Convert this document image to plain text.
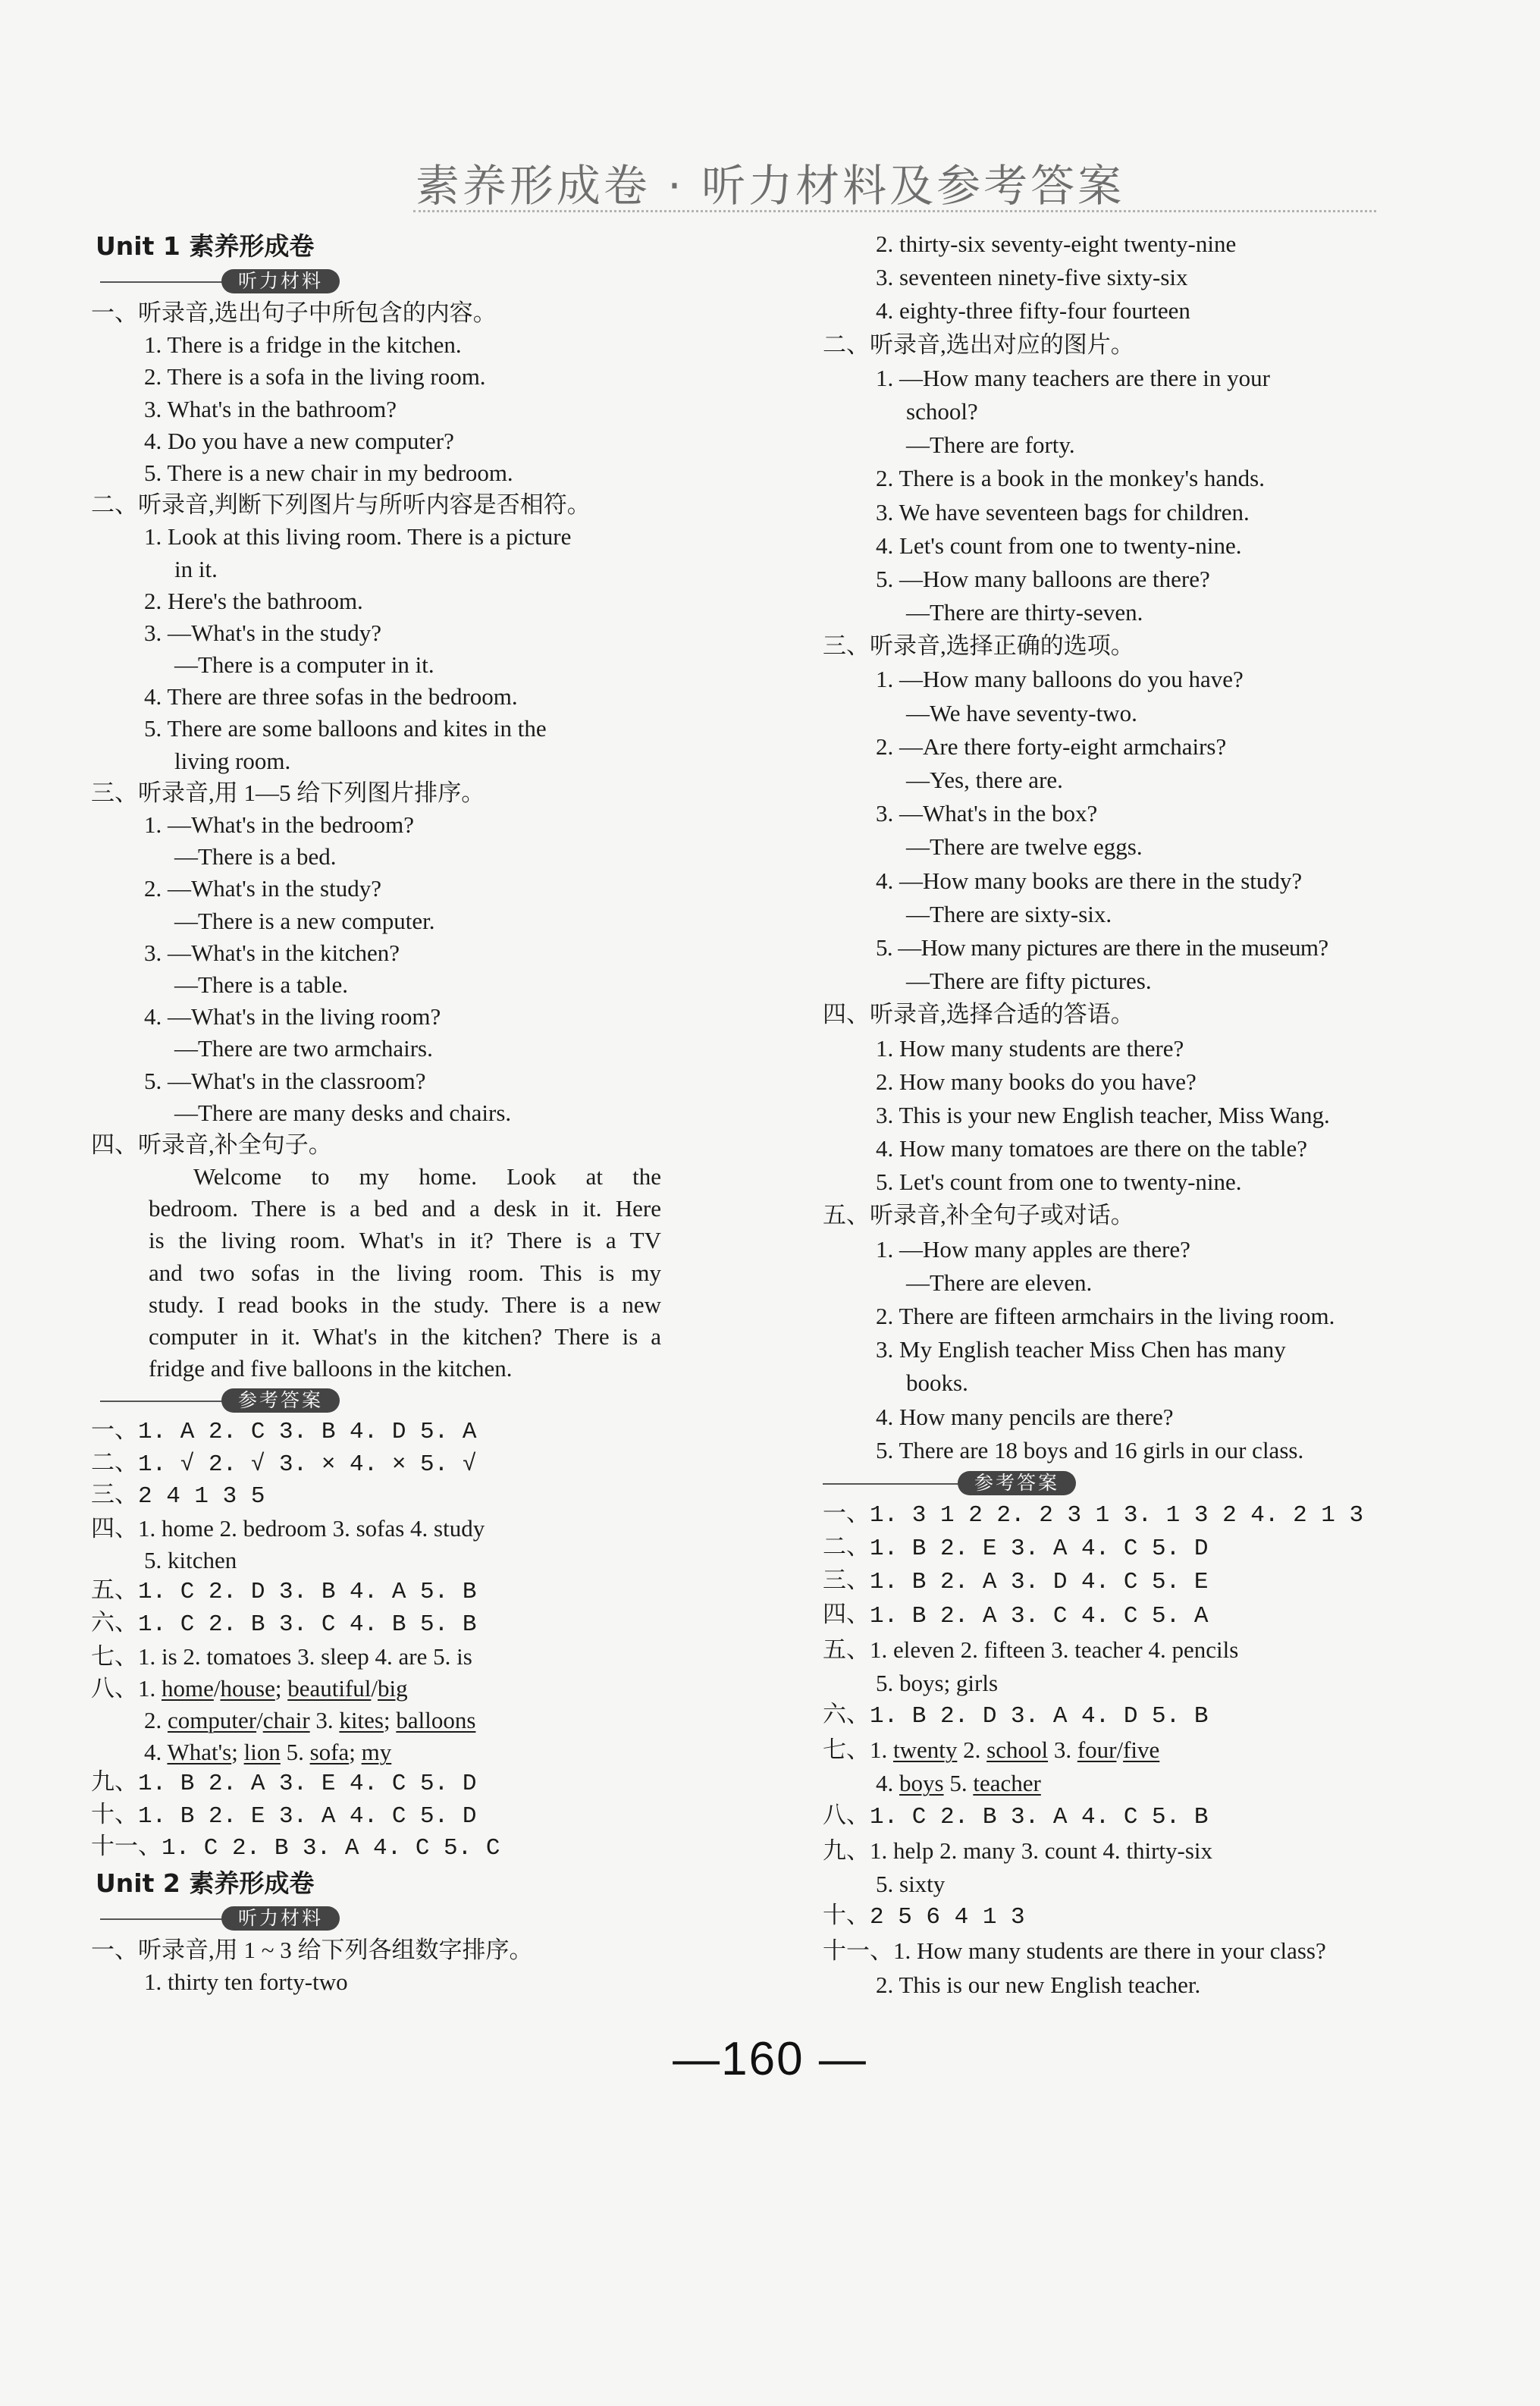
素养形成卷 · 听力材料及参考答案
Unit 1 素养形成卷
听力材料
一、听录音,选出句子中所包含的内容。
1. There is a fridge in the kitchen.
2. There is a sofa in the living room.
3. What's in the bathroom?
4. Do you have a new computer?
5. There is a new chair in my bedroom.
二、听录音,判断下列图片与所听内容是否相符。
1. Look at this living room. There is a picture
in it.
2. Here's the bathroom.
3. —What's in the study?
—There is a computer in it.
4. There are three sofas in the bedroom.
5. There are some balloons and kites in the
living room.
三、听录音,用 1—5 给下列图片排序。
1. —What's in the bedroom?
—There is a bed.
2. —What's in the study?
—There is a new computer.
3. —What's in the kitchen?
—There is a table.
4. —What's in the living room?
—There are two armchairs.
5. —What's in the classroom?
—There are many desks and chairs.
四、听录音,补全句子。
Welcome to my home. Look at the
bedroom. There is a bed and a desk in it. Here
is the living room. What's in it? There is a TV
and two sofas in the living room. This is my
study. I read books in the study. There is a new
computer in it. What's in the kitchen? There is a
fridge and five balloons in the kitchen.
参考答案
一、1. A 2. C 3. B 4. D 5. A
二、1. √ 2. √ 3. × 4. × 5. √
三、2 4 1 3 5
四、1. home 2. bedroom 3. sofas 4. study
5. kitchen
五、1. C 2. D 3. B 4. A 5. B
六、1. C 2. B 3. C 4. B 5. B
七、1. is 2. tomatoes 3. sleep 4. are 5. is
八、1. home/house; beautiful/big
2. computer/chair 3. kites; balloons
4. What's; lion 5. sofa; my
九、1. B 2. A 3. E 4. C 5. D
十、1. B 2. E 3. A 4. C 5. D
十一、1. C 2. B 3. A 4. C 5. C
Unit 2 素养形成卷
听力材料
一、听录音,用 1 ~ 3 给下列各组数字排序。
1. thirty ten forty-two
2. thirty-six seventy-eight twenty-nine
3. seventeen ninety-five sixty-six
4. eighty-three fifty-four fourteen
二、听录音,选出对应的图片。
1. —How many teachers are there in your
school?
—There are forty.
2. There is a book in the monkey's hands.
3. We have seventeen bags for children.
4. Let's count from one to twenty-nine.
5. —How many balloons are there?
—There are thirty-seven.
三、听录音,选择正确的选项。
1. —How many balloons do you have?
—We have seventy-two.
2. —Are there forty-eight armchairs?
—Yes, there are.
3. —What's in the box?
—There are twelve eggs.
4. —How many books are there in the study?
—There are sixty-six.
5. —How many pictures are there in the museum?
—There are fifty pictures.
四、听录音,选择合适的答语。
1. How many students are there?
2. How many books do you have?
3. This is your new English teacher, Miss Wang.
4. How many tomatoes are there on the table?
5. Let's count from one to twenty-nine.
五、听录音,补全句子或对话。
1. —How many apples are there?
—There are eleven.
2. There are fifteen armchairs in the living room.
3. My English teacher Miss Chen has many
books.
4. How many pencils are there?
5. There are 18 boys and 16 girls in our class.
参考答案
一、1. 3 1 2 2. 2 3 1 3. 1 3 2 4. 2 1 3
二、1. B 2. E 3. A 4. C 5. D
三、1. B 2. A 3. D 4. C 5. E
四、1. B 2. A 3. C 4. C 5. A
五、1. eleven 2. fifteen 3. teacher 4. pencils
5. boys; girls
六、1. B 2. D 3. A 4. D 5. B
七、1. twenty 2. school 3. four/five
4. boys 5. teacher
八、1. C 2. B 3. A 4. C 5. B
九、1. help 2. many 3. count 4. thirty-six
5. sixty
十、2 5 6 4 1 3
十一、1. How many students are there in your class?
2. This is our new English teacher.
—160 —
